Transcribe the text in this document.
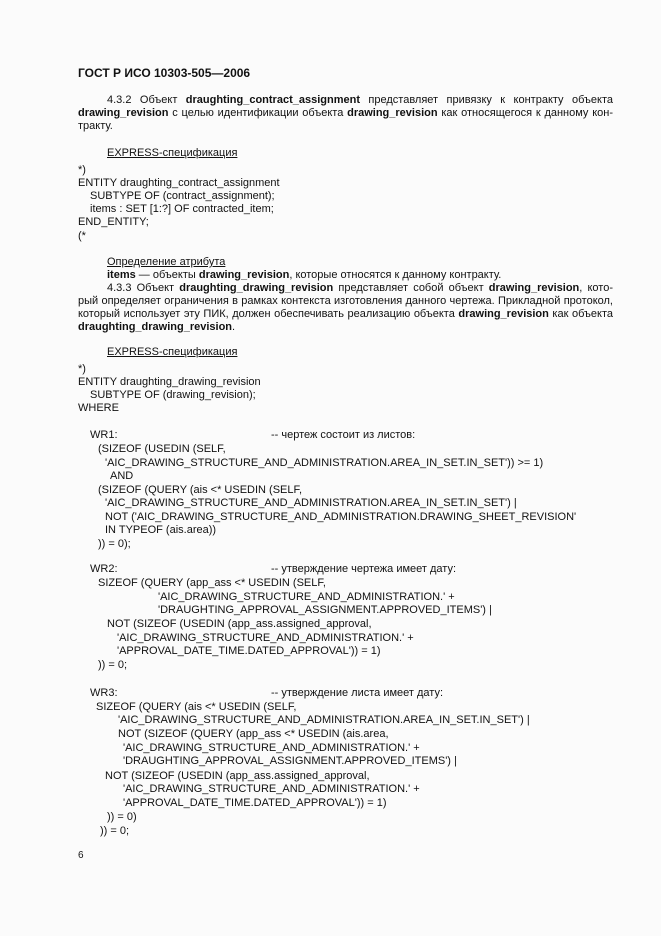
ГОСТ Р ИСО 10303-505—2006
4.3.2 Объект draughting_contract_assignment представляет привязку к контракту объекта
drawing_revision с целью идентификации объекта drawing_revision как относящегося к данному кон-
тракту.
EXPRESS-спецификация
*)
ENTITY draughting_contract_assignment
SUBTYPE OF (contract_assignment);
items : SET [1:?] OF contracted_item;
END_ENTITY;
(*
Определение атрибута
items — объекты drawing_revision, которые относятся к данному контракту.
4.3.3 Объект draughting_drawing_revision представляет собой объект drawing_revision, кото-
рый определяет ограничения в рамках контекста изготовления данного чертежа. Прикладной протокол,
который использует эту ПИК, должен обеспечивать реализацию объекта drawing_revision как объекта
draughting_drawing_revision.
EXPRESS-спецификация
*)
ENTITY draughting_drawing_revision
SUBTYPE OF (drawing_revision);
WHERE
WR1:	-- чертеж состоит из листов:
(SIZEOF (USEDIN (SELF,
'AIC_DRAWING_STRUCTURE_AND_ADMINISTRATION.AREA_IN_SET.IN_SET')) >= 1)
AND
(SIZEOF (QUERY (ais <* USEDIN (SELF,
'AIC_DRAWING_STRUCTURE_AND_ADMINISTRATION.AREA_IN_SET.IN_SET') |
NOT ('AIC_DRAWING_STRUCTURE_AND_ADMINISTRATION.DRAWING_SHEET_REVISION'
IN TYPEOF (ais.area))
)) = 0);
WR2:	-- утверждение чертежа имеет дату:
SIZEOF (QUERY (app_ass <* USEDIN (SELF,
'AIC_DRAWING_STRUCTURE_AND_ADMINISTRATION.' +
'DRAUGHTING_APPROVAL_ASSIGNMENT.APPROVED_ITEMS') |
NOT (SIZEOF (USEDIN (app_ass.assigned_approval,
'AIC_DRAWING_STRUCTURE_AND_ADMINISTRATION.' +
'APPROVAL_DATE_TIME.DATED_APPROVAL')) = 1)
)) = 0;
WR3:	-- утверждение листа имеет дату:
SIZEOF (QUERY (ais <* USEDIN (SELF,
'AIC_DRAWING_STRUCTURE_AND_ADMINISTRATION.AREA_IN_SET.IN_SET') |
NOT (SIZEOF (QUERY (app_ass <* USEDIN (ais.area,
'AIC_DRAWING_STRUCTURE_AND_ADMINISTRATION.' +
'DRAUGHTING_APPROVAL_ASSIGNMENT.APPROVED_ITEMS') |
NOT (SIZEOF (USEDIN (app_ass.assigned_approval,
'AIC_DRAWING_STRUCTURE_AND_ADMINISTRATION.' +
'APPROVAL_DATE_TIME.DATED_APPROVAL')) = 1)
)) = 0)
)) = 0;
6
